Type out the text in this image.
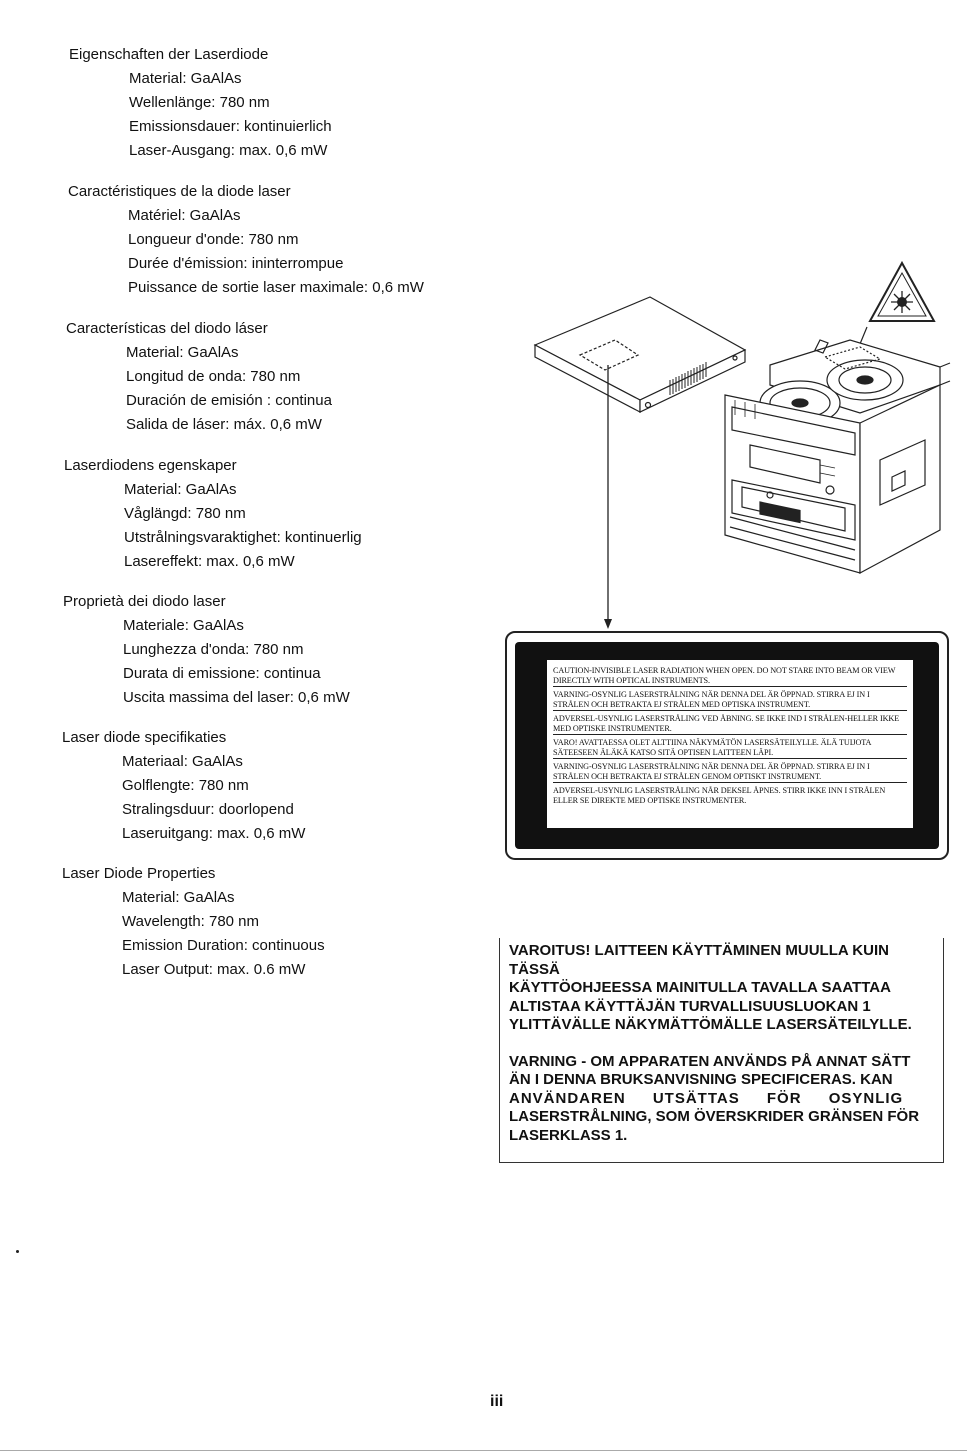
Eigenschaften der Laserdiode
Material: GaAlAs
Wellenlänge: 780 nm
Emissionsdauer: kontinuierlich
Laser-Ausgang: max. 0,6 mW
Caractéristiques de la diode laser
Matériel: GaAlAs
Longueur d'onde: 780 nm
Durée d'émission: ininterrompue
Puissance de sortie laser maximale: 0,6 mW
Características del diodo láser
Material: GaAlAs
Longitud de onda: 780 nm
Duración de emisión : continua
Salida de láser: máx. 0,6 mW
Laserdiodens egenskaper
Material: GaAlAs
Våglängd: 780 nm
Utstrålningsvaraktighet: kontinuerlig
Lasereffekt: max. 0,6 mW
Proprietà dei diodo laser
Materiale: GaAlAs
Lunghezza d'onda: 780 nm
Durata di emissione: continua
Uscita massima del laser: 0,6 mW
Laser diode specifikaties
Materiaal: GaAlAs
Golflengte: 780 nm
Stralingsduur: doorlopend
Laseruitgang: max. 0,6 mW
Laser Diode Properties
Material: GaAlAs
Wavelength: 780 nm
Emission Duration: continuous
Laser Output: max. 0.6 mW
CAUTION-INVISIBLE LASER RADIATION WHEN OPEN. DO NOT STARE INTO BEAM OR VIEW DIRECTLY WITH OPTICAL INSTRUMENTS.
VARNING-OSYNLIG LASERSTRÅLNING NÄR DENNA DEL ÄR ÖPPNAD. STIRRA EJ IN I STRÅLEN OCH BETRAKTA EJ STRÅLEN MED OPTISKA INSTRUMENT.
ADVERSEL-USYNLIG LASERSTRÅLING VED ÅBNING. SE IKKE IND I STRÅLEN-HELLER IKKE MED OPTISKE INSTRUMENTER.
VARO! AVATTAESSA OLET ALTTIINA NÄKYMÄTÖN LASERSÄTEILYLLE. ÄLÄ TUIJOTA SÄTEESEEN ÄLÄKÄ KATSO SITÄ OPTISEN LAITTEEN LÄPI.
VARNING-OSYNLIG LASERSTRÅLNING NÄR DENNA DEL ÄR ÖPPNAD. STIRRA EJ IN I STRÅLEN OCH BETRAKTA EJ STRÅLEN GENOM OPTISKT INSTRUMENT.
ADVERSEL-USYNLIG LASERSTRÅLING NÅR DEKSEL ÅPNES. STIRR IKKE INN I STRÅLEN ELLER SE DIREKTE MED OPTISKE INSTRUMENTER.

VAROITUS! LAITTEEN KÄYTTÄMINEN MUULLA KUIN

TÄSSÄ

KÄYTTÖOHJEESSA MAINITULLA TAVALLA SAATTAA

ALTISTAA KÄYTTÄJÄN TURVALLISUUSLUOKAN 1

YLITTÄVÄLLE NÄKYMÄTTÖMÄLLE LASERSÄTEILYLLE.

VARNING - OM APPARATEN ANVÄNDS PÅ ANNAT SÄTT

ÄN I DENNA BRUKSANVISNING SPECIFICERAS. KAN

ANVÄNDAREN UTSÄTTAS FÖR OSYNLIG

LASERSTRÅLNING, SOM ÖVERSKRIDER GRÄNSEN FÖR

LASERKLASS 1.

iii
